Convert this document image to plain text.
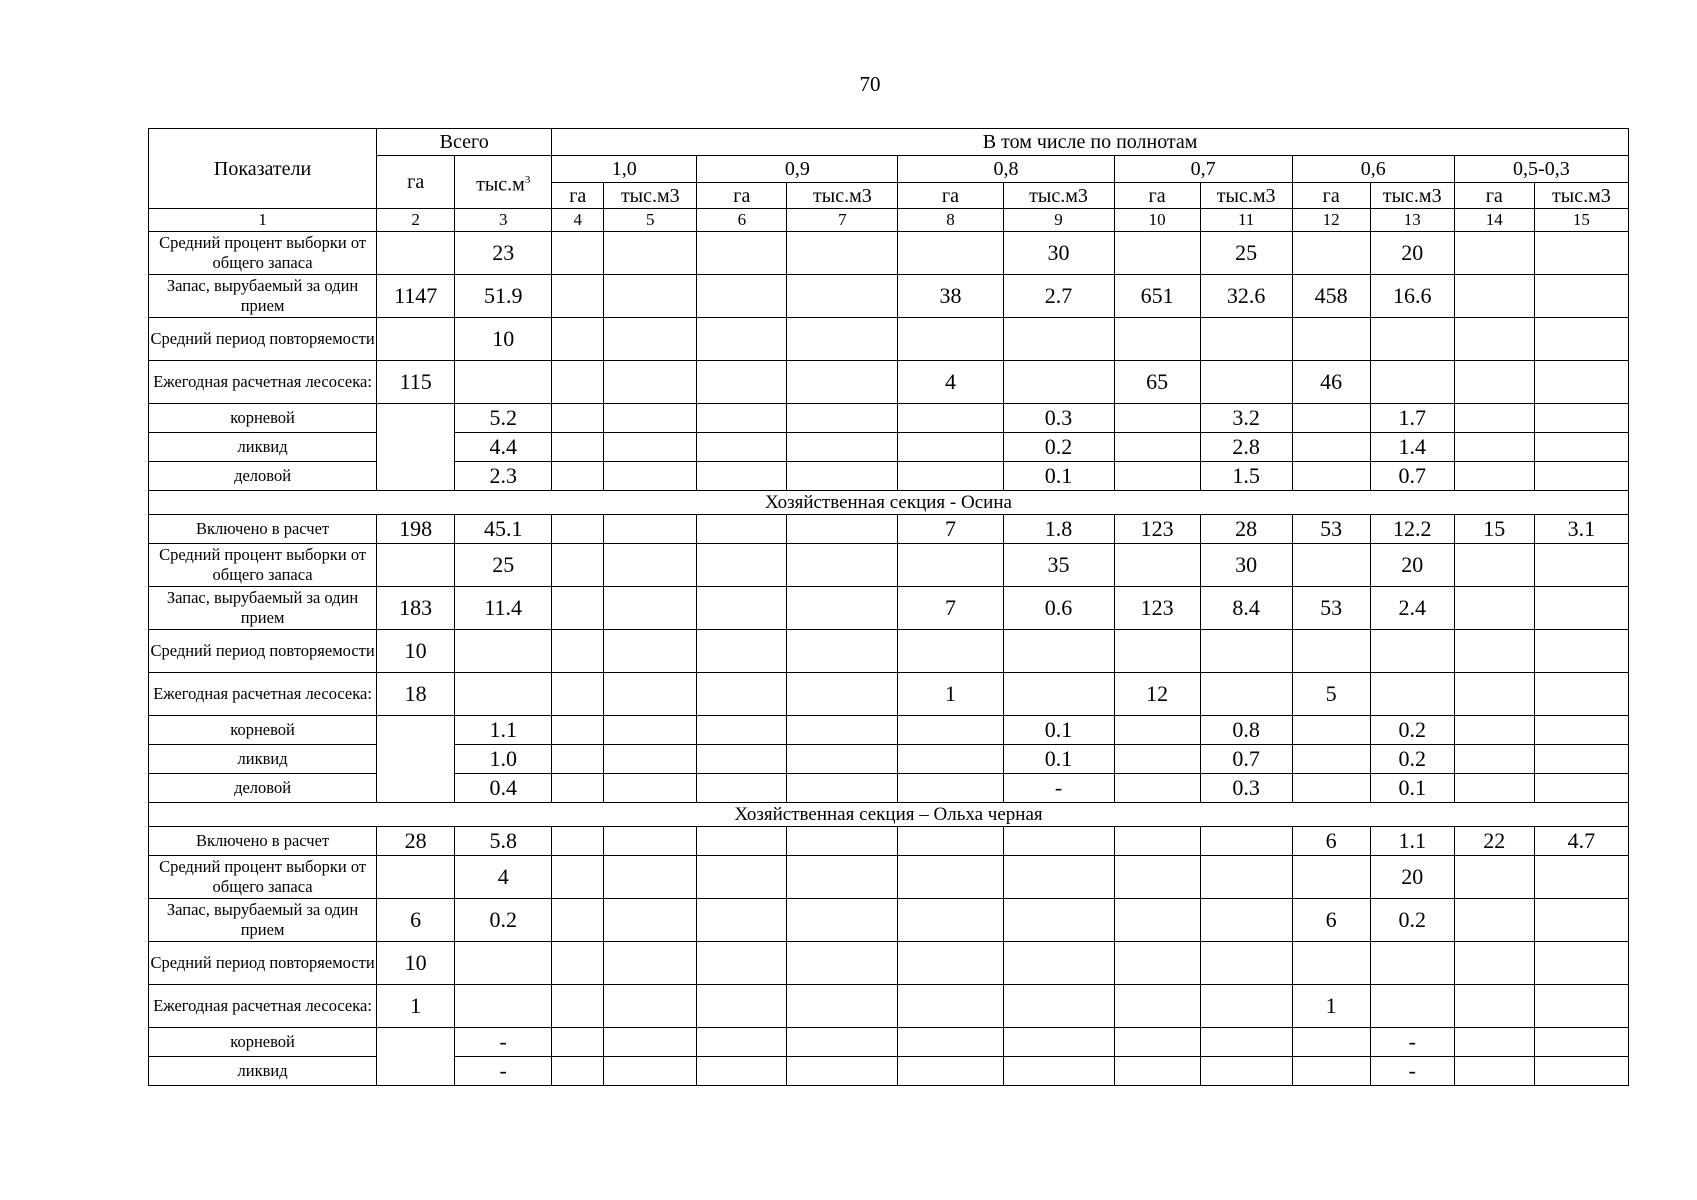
70
Показатели	Всего		В том числе по полнотам											
	га	$тыс.м^3$	1,0		0,9		0,8		0,7		0,6		0,5-0,3	
			га	тыс.м3	га	тыс.м3	га	тыс.м3	га	тыс.м3	га	тыс.м3	га	тыс.м3
1	2	3	4	5	6	7	8	9	10	11	12	13	14	15
Средний процент выборки от общего запаса		23						30		25		20		
Запас, вырубаемый за один прием	1147	51.9					38	2.7	651	32.6	458	16.6		
Средний период повторяемости		10												
Ежегодная расчетная лесосека:	115						4		65		46			
корневой		5.2						0.3		3.2		1.7		
ликвид		4.4						0.2		2.8		1.4		
деловой		2.3						0.1		1.5		0.7		
Хозяйственная секция - Осина														
Включено в расчет	198	45.1					7	1.8	123	28	53	12.2	15	3.1
Средний процент выборки от общего запаса		25						35		30		20		
Запас, вырубаемый за один прием	183	11.4					7	0.6	123	8.4	53	2.4		
Средний период повторяемости	10													
Ежегодная расчетная лесосека:	18						1		12		5			
корневой		1.1						0.1		0.8		0.2		
ликвид		1.0						0.1		0.7		0.2		
деловой		0.4						-		0.3		0.1		
Хозяйственная секция – Ольха черная														
Включено в расчет	28	5.8									6	1.1	22	4.7
Средний процент выборки от общего запаса		4										20		
Запас, вырубаемый за один прием	6	0.2									6	0.2		
Средний период повторяемости	10													
Ежегодная расчетная лесосека:	1										1			
корневой		-										-		
ликвид		-										-		
